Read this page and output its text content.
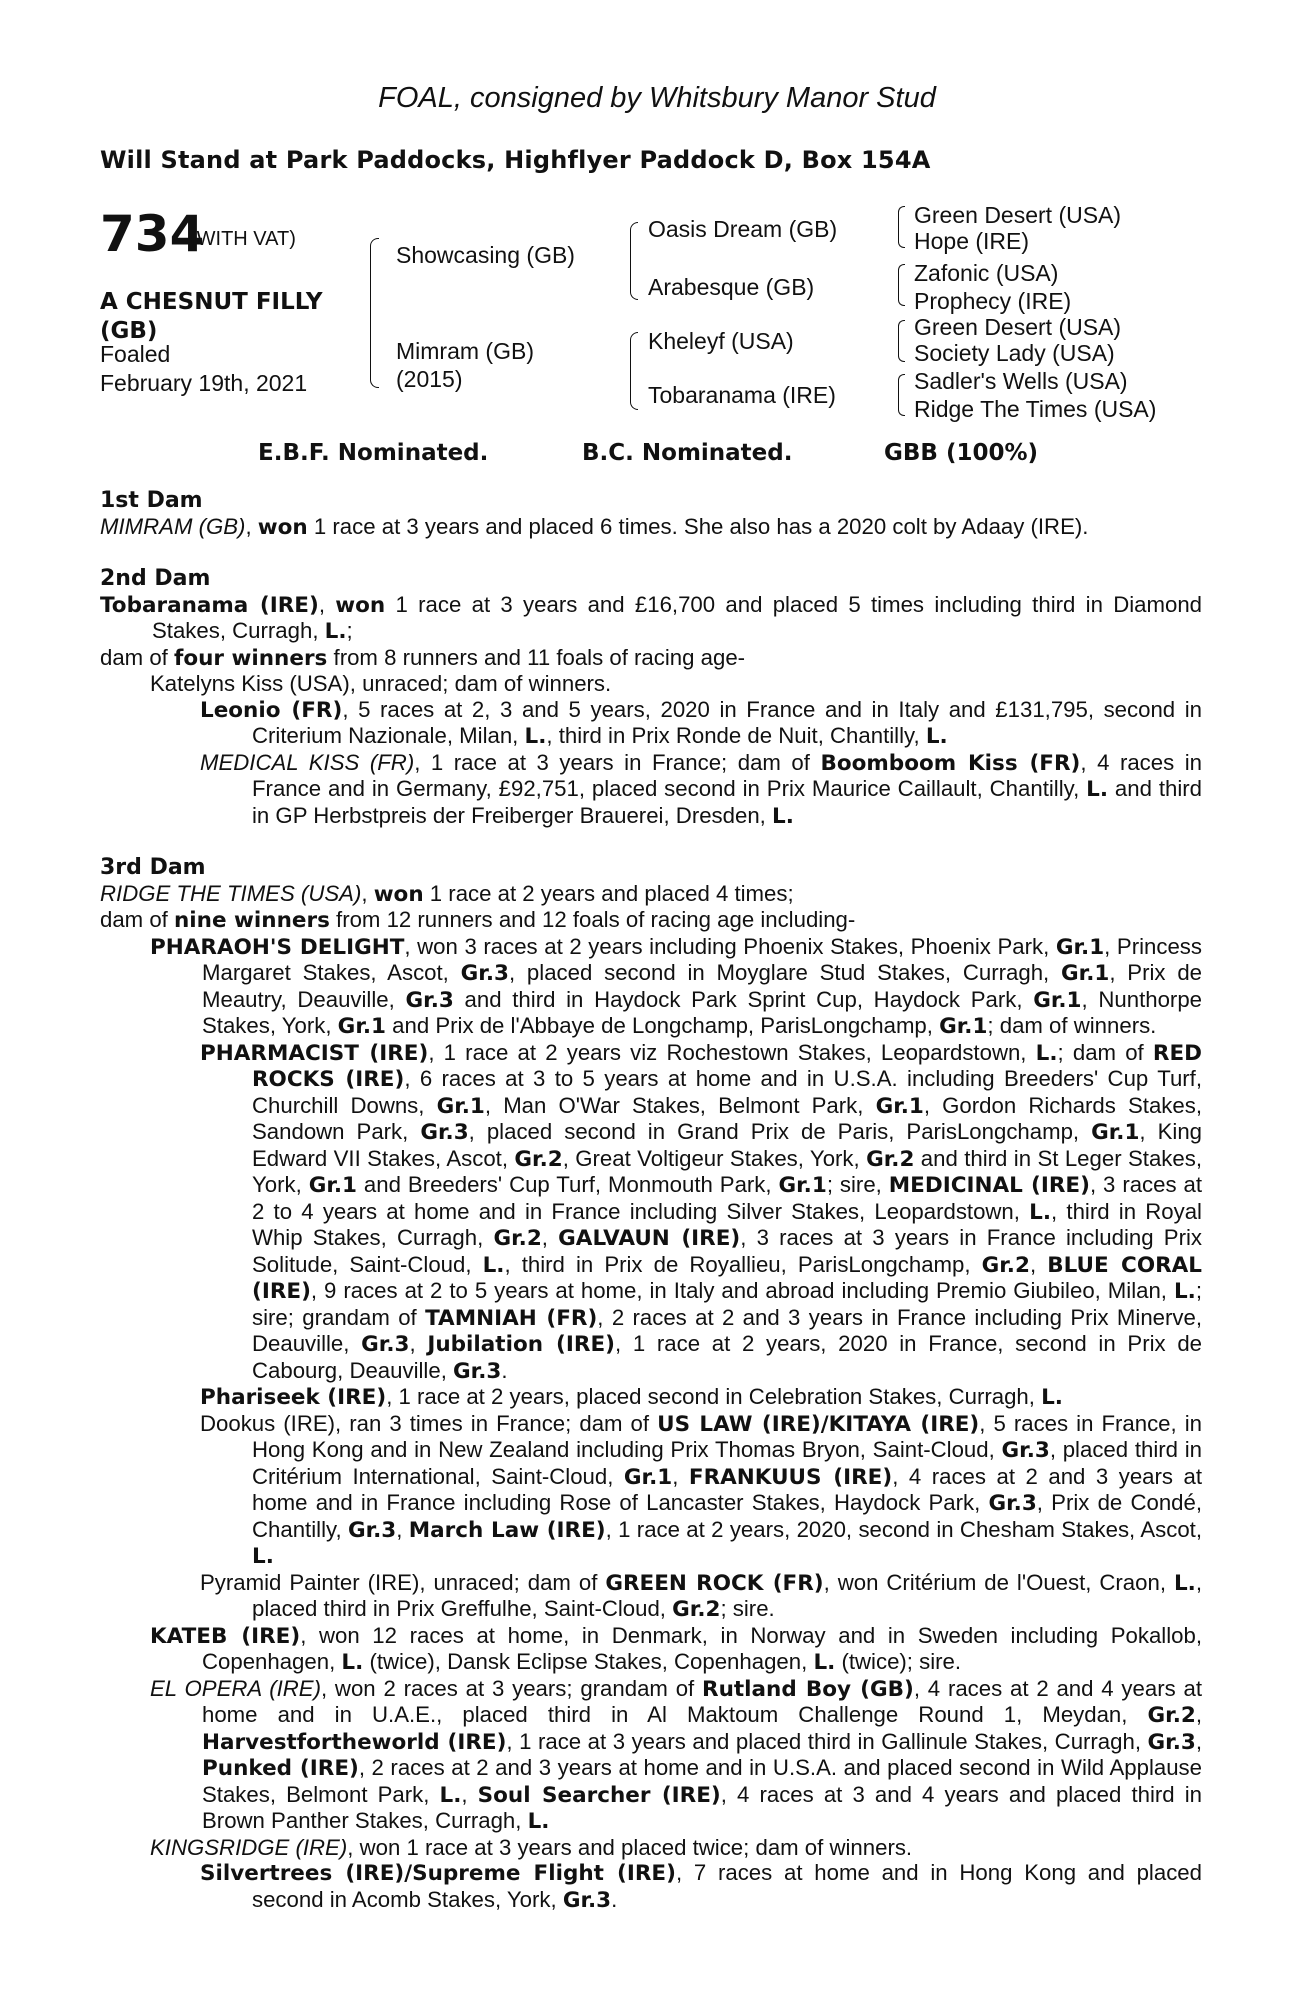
FOAL, consigned by Whitsbury Manor Stud
Will Stand at Park Paddocks, Highflyer Paddock D, Box 154A
734
(WITH VAT)
A CHESNUT FILLY (GB)
Foaled
February 19th, 2021
Showcasing (GB)
Mimram (GB)
(2015)
Oasis Dream (GB)
Arabesque (GB)
Kheleyf (USA)
Tobaranama (IRE)
Green Desert (USA)
Hope (IRE)
Zafonic (USA)
Prophecy (IRE)
Green Desert (USA)
Society Lady (USA)
Sadler's Wells (USA)
Ridge The Times (USA)
E.B.F. Nominated.	B.C. Nominated.	GBB (100%)

1st Dam

MIMRAM (GB), won 1 race at 3 years and placed 6 times. She also has a 2020 colt by Adaay (IRE).

2nd Dam

Tobaranama (IRE), won 1 race at 3 years and £16,700 and placed 5 times including third in Diamond Stakes, Curragh, L.;

dam of four winners from 8 runners and 11 foals of racing age-

Katelyns Kiss (USA), unraced; dam of winners.

Leonio (FR), 5 races at 2, 3 and 5 years, 2020 in France and in Italy and £131,795, second in Criterium Nazionale, Milan, L., third in Prix Ronde de Nuit, Chantilly, L.

MEDICAL KISS (FR), 1 race at 3 years in France; dam of Boomboom Kiss (FR), 4 races in France and in Germany, £92,751, placed second in Prix Maurice Caillault, Chantilly, L. and third in GP Herbstpreis der Freiberger Brauerei, Dresden, L.

3rd Dam

RIDGE THE TIMES (USA), won 1 race at 2 years and placed 4 times;

dam of nine winners from 12 runners and 12 foals of racing age including-

PHARAOH'S DELIGHT, won 3 races at 2 years including Phoenix Stakes, Phoenix Park, Gr.1, Princess Margaret Stakes, Ascot, Gr.3, placed second in Moyglare Stud Stakes, Curragh, Gr.1, Prix de Meautry, Deauville, Gr.3 and third in Haydock Park Sprint Cup, Haydock Park, Gr.1, Nunthorpe Stakes, York, Gr.1 and Prix de l'Abbaye de Longchamp, ParisLongchamp, Gr.1; dam of winners.

PHARMACIST (IRE), 1 race at 2 years viz Rochestown Stakes, Leopardstown, L.; dam of RED ROCKS (IRE), 6 races at 3 to 5 years at home and in U.S.A. including Breeders' Cup Turf, Churchill Downs, Gr.1, Man O'War Stakes, Belmont Park, Gr.1, Gordon Richards Stakes, Sandown Park, Gr.3, placed second in Grand Prix de Paris, ParisLongchamp, Gr.1, King Edward VII Stakes, Ascot, Gr.2, Great Voltigeur Stakes, York, Gr.2 and third in St Leger Stakes, York, Gr.1 and Breeders' Cup Turf, Monmouth Park, Gr.1; sire, MEDICINAL (IRE), 3 races at 2 to 4 years at home and in France including Silver Stakes, Leopardstown, L., third in Royal Whip Stakes, Curragh, Gr.2, GALVAUN (IRE), 3 races at 3 years in France including Prix Solitude, Saint-Cloud, L., third in Prix de Royallieu, ParisLongchamp, Gr.2, BLUE CORAL (IRE), 9 races at 2 to 5 years at home, in Italy and abroad including Premio Giubileo, Milan, L.; sire; grandam of TAMNIAH (FR), 2 races at 2 and 3 years in France including Prix Minerve, Deauville, Gr.3, Jubilation (IRE), 1 race at 2 years, 2020 in France, second in Prix de Cabourg, Deauville, Gr.3.

Phariseek (IRE), 1 race at 2 years, placed second in Celebration Stakes, Curragh, L.

Dookus (IRE), ran 3 times in France; dam of US LAW (IRE)/KITAYA (IRE), 5 races in France, in Hong Kong and in New Zealand including Prix Thomas Bryon, Saint-Cloud, Gr.3, placed third in Critérium International, Saint-Cloud, Gr.1, FRANKUUS (IRE), 4 races at 2 and 3 years at home and in France including Rose of Lancaster Stakes, Haydock Park, Gr.3, Prix de Condé, Chantilly, Gr.3, March Law (IRE), 1 race at 2 years, 2020, second in Chesham Stakes, Ascot, L.

Pyramid Painter (IRE), unraced; dam of GREEN ROCK (FR), won Critérium de l'Ouest, Craon, L., placed third in Prix Greffulhe, Saint-Cloud, Gr.2; sire.

KATEB (IRE), won 12 races at home, in Denmark, in Norway and in Sweden including Pokallob, Copenhagen, L. (twice), Dansk Eclipse Stakes, Copenhagen, L. (twice); sire.

EL OPERA (IRE), won 2 races at 3 years; grandam of Rutland Boy (GB), 4 races at 2 and 4 years at home and in U.A.E., placed third in Al Maktoum Challenge Round 1, Meydan, Gr.2, Harvestfortheworld (IRE), 1 race at 3 years and placed third in Gallinule Stakes, Curragh, Gr.3, Punked (IRE), 2 races at 2 and 3 years at home and in U.S.A. and placed second in Wild Applause Stakes, Belmont Park, L., Soul Searcher (IRE), 4 races at 3 and 4 years and placed third in Brown Panther Stakes, Curragh, L.

KINGSRIDGE (IRE), won 1 race at 3 years and placed twice; dam of winners.

Silvertrees (IRE)/Supreme Flight (IRE), 7 races at home and in Hong Kong and placed second in Acomb Stakes, York, Gr.3.
